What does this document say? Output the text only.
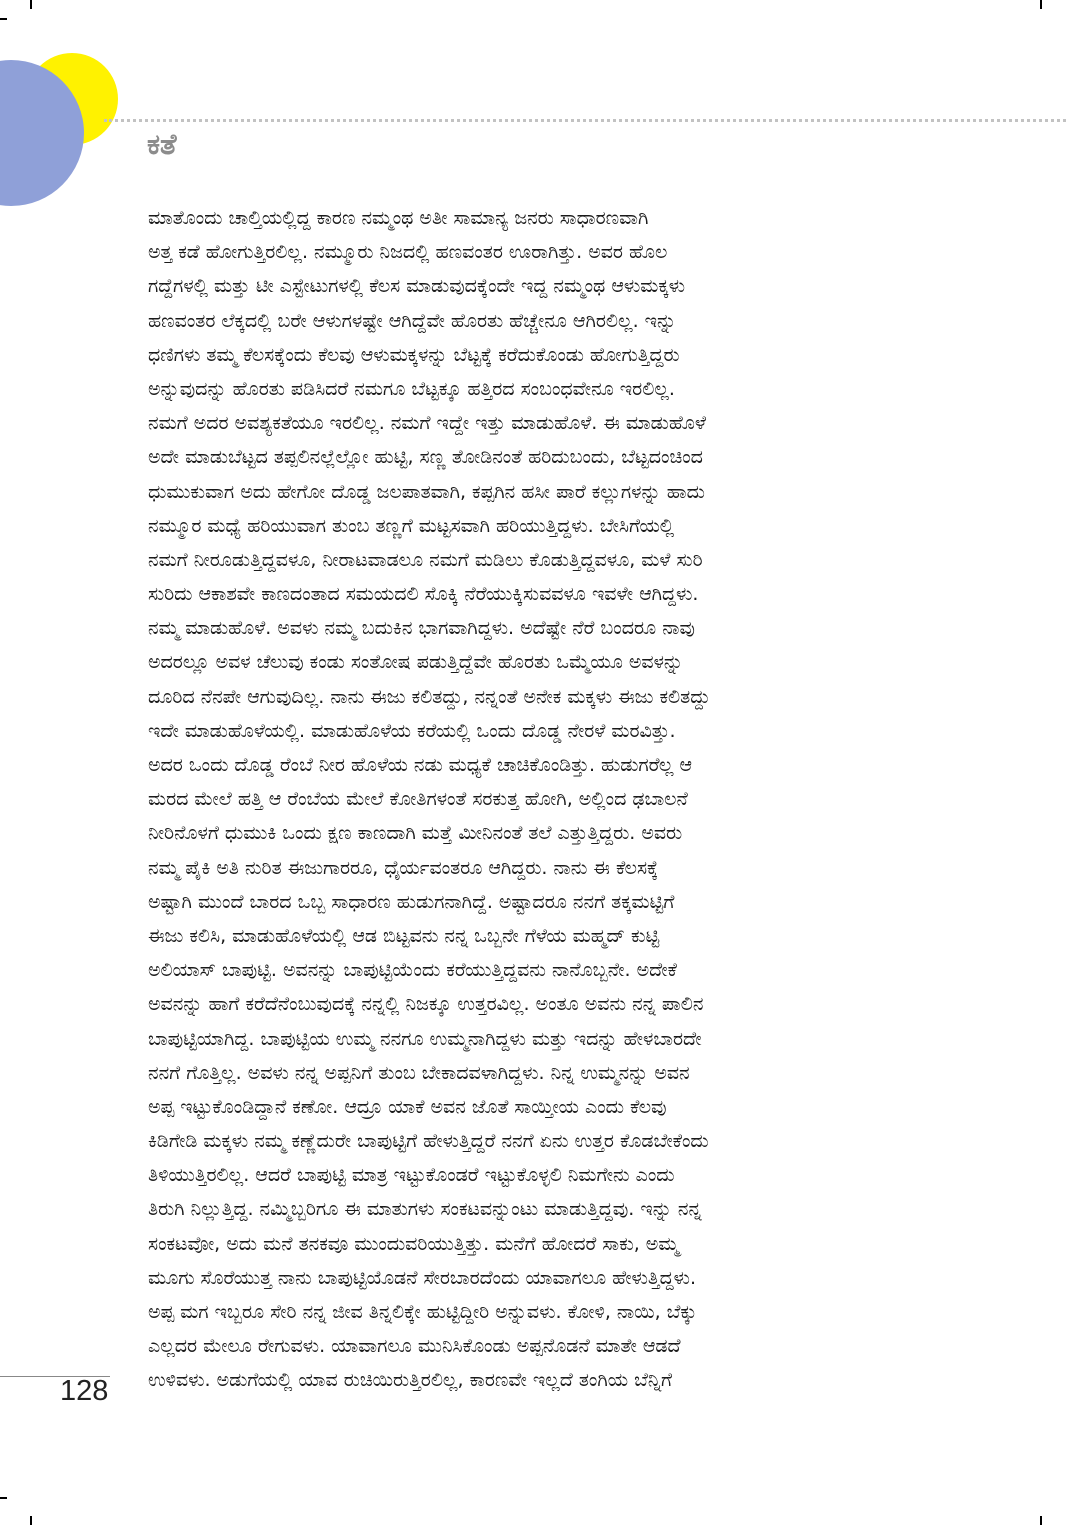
ಕತೆ
ಮಾತೊಂದು ಚಾಲ್ತಿಯಲ್ಲಿದ್ದ ಕಾರಣ ನಮ್ಮಂಥ ಅತೀ ಸಾಮಾನ್ಯ ಜನರು ಸಾಧಾರಣವಾಗಿ
ಅತ್ತ ಕಡೆ ಹೋಗುತ್ತಿರಲಿಲ್ಲ. ನಮ್ಮೂರು ನಿಜದಲ್ಲಿ ಹಣವಂತರ ಊರಾಗಿತ್ತು. ಅವರ ಹೊಲ
ಗದ್ದೆಗಳಲ್ಲಿ ಮತ್ತು ಟೀ ಎಸ್ಟೇಟುಗಳಲ್ಲಿ ಕೆಲಸ ಮಾಡುವುದಕ್ಕೆಂದೇ ಇದ್ದ ನಮ್ಮಂಥ ಆಳುಮಕ್ಕಳು
ಹಣವಂತರ ಲೆಕ್ಕದಲ್ಲಿ ಬರೇ ಆಳುಗಳಷ್ಟೇ ಆಗಿದ್ದೆವೇ ಹೊರತು ಹೆಚ್ಚೇನೂ ಆಗಿರಲಿಲ್ಲ. ಇನ್ನು
ಧಣಿಗಳು ತಮ್ಮ ಕೆಲಸಕ್ಕೆಂದು ಕೆಲವು ಆಳುಮಕ್ಕಳನ್ನು ಬೆಟ್ಟಕ್ಕೆ ಕರೆದುಕೊಂಡು ಹೋಗುತ್ತಿದ್ದರು
ಅನ್ನುವುದನ್ನು ಹೊರತು ಪಡಿಸಿದರೆ ನಮಗೂ ಬೆಟ್ಟಕ್ಕೂ ಹತ್ತಿರದ ಸಂಬಂಧವೇನೂ ಇರಲಿಲ್ಲ.
ನಮಗೆ ಅದರ ಅವಶ್ಯಕತೆಯೂ ಇರಲಿಲ್ಲ. ನಮಗೆ ಇದ್ದೇ ಇತ್ತು ಮಾಡುಹೊಳೆ. ಈ ಮಾಡುಹೊಳೆ
ಅದೇ ಮಾಡುಬೆಟ್ಟದ ತಪ್ಪಲಿನಲ್ಲೆಲ್ಲೋ ಹುಟ್ಟಿ, ಸಣ್ಣ ತೋಡಿನಂತೆ ಹರಿದುಬಂದು, ಬೆಟ್ಟದಂಚಿಂದ
ಧುಮುಕುವಾಗ ಅದು ಹೇಗೋ ದೊಡ್ಡ ಜಲಪಾತವಾಗಿ, ಕಪ್ಪಗಿನ ಹಸೀ ಪಾರೆ ಕಲ್ಲುಗಳನ್ನು ಹಾದು
ನಮ್ಮೂರ ಮಧ್ಯೆ ಹರಿಯುವಾಗ ತುಂಬ ತಣ್ಣಗೆ ಮಟ್ಟಸವಾಗಿ ಹರಿಯುತ್ತಿದ್ದಳು. ಬೇಸಿಗೆಯಲ್ಲಿ
ನಮಗೆ ನೀರೂಡುತ್ತಿದ್ದವಳೂ, ನೀರಾಟವಾಡಲೂ ನಮಗೆ ಮಡಿಲು ಕೊಡುತ್ತಿದ್ದವಳೂ, ಮಳೆ ಸುರಿ
ಸುರಿದು ಆಕಾಶವೇ ಕಾಣದಂತಾದ ಸಮಯದಲಿ ಸೊಕ್ಕಿ ನೆರೆಯುಕ್ಕಿಸುವವಳೂ ಇವಳೇ ಆಗಿದ್ದಳು.
ನಮ್ಮ ಮಾಡುಹೊಳೆ. ಅವಳು ನಮ್ಮ ಬದುಕಿನ ಭಾಗವಾಗಿದ್ದಳು. ಅದೆಷ್ಟೇ ನೆರೆ ಬಂದರೂ ನಾವು
ಅದರಲ್ಲೂ ಅವಳ ಚೆಲುವು ಕಂಡು ಸಂತೋಷ ಪಡುತ್ತಿದ್ದೆವೇ ಹೊರತು ಒಮ್ಮೆಯೂ ಅವಳನ್ನು
ದೂರಿದ ನೆನಪೇ ಆಗುವುದಿಲ್ಲ. ನಾನು ಈಜು ಕಲಿತದ್ದು, ನನ್ನಂತೆ ಅನೇಕ ಮಕ್ಕಳು ಈಜು ಕಲಿತದ್ದು
ಇದೇ ಮಾಡುಹೊಳೆಯಲ್ಲಿ. ಮಾಡುಹೊಳೆಯ ಕರೆಯಲ್ಲಿ ಒಂದು ದೊಡ್ಡ ನೇರಳೆ ಮರವಿತ್ತು.
ಅದರ ಒಂದು ದೊಡ್ಡ ರೆಂಬೆ ನೀರ ಹೊಳೆಯ ನಡು ಮಧ್ಯಕೆ ಚಾಚಿಕೊಂಡಿತ್ತು. ಹುಡುಗರೆಲ್ಲ ಆ
ಮರದ ಮೇಲೆ ಹತ್ತಿ ಆ ರೆಂಬೆಯ ಮೇಲೆ ಕೋತಿಗಳಂತೆ ಸರಕುತ್ತ ಹೋಗಿ, ಅಲ್ಲಿಂದ ಢಬಾಲನೆ
ನೀರಿನೊಳಗೆ ಧುಮುಕಿ ಒಂದು ಕ್ಷಣ ಕಾಣದಾಗಿ ಮತ್ತೆ ಮೀನಿನಂತೆ ತಲೆ ಎತ್ತುತ್ತಿದ್ದರು. ಅವರು
ನಮ್ಮ ಪೈಕಿ ಅತಿ ನುರಿತ ಈಜುಗಾರರೂ, ಧೈರ್ಯವಂತರೂ ಆಗಿದ್ದರು. ನಾನು ಈ ಕೆಲಸಕ್ಕೆ
ಅಷ್ಟಾಗಿ ಮುಂದೆ ಬಾರದ ಒಬ್ಬ ಸಾಧಾರಣ ಹುಡುಗನಾಗಿದ್ದೆ. ಅಷ್ಟಾದರೂ ನನಗೆ ತಕ್ಕಮಟ್ಟಿಗೆ
ಈಜು ಕಲಿಸಿ, ಮಾಡುಹೊಳೆಯಲ್ಲಿ ಆಡ ಬಿಟ್ಟವನು ನನ್ನ ಒಬ್ಬನೇ ಗೆಳೆಯ ಮಹ್ಮದ್ ಕುಟ್ಟಿ
ಅಲಿಯಾಸ್ ಬಾಪುಟ್ಟಿ. ಅವನನ್ನು ಬಾಪುಟ್ಟಿಯೆಂದು ಕರೆಯುತ್ತಿದ್ದವನು ನಾನೊಬ್ಬನೇ. ಅದೇಕೆ
ಅವನನ್ನು ಹಾಗೆ ಕರೆದೆನೆಂಬುವುದಕ್ಕೆ ನನ್ನಲ್ಲಿ ನಿಜಕ್ಕೂ ಉತ್ತರವಿಲ್ಲ. ಅಂತೂ ಅವನು ನನ್ನ ಪಾಲಿನ
ಬಾಪುಟ್ಟಿಯಾಗಿದ್ದ. ಬಾಪುಟ್ಟಿಯ ಉಮ್ಮ ನನಗೂ ಉಮ್ಮನಾಗಿದ್ದಳು ಮತ್ತು ಇದನ್ನು ಹೇಳಬಾರದೇ
ನನಗೆ ಗೊತ್ತಿಲ್ಲ. ಅವಳು ನನ್ನ ಅಪ್ಪನಿಗೆ ತುಂಬ ಬೇಕಾದವಳಾಗಿದ್ದಳು. ನಿನ್ನ ಉಮ್ಮನನ್ನು ಅವನ
ಅಪ್ಪ ಇಟ್ಟುಕೊಂಡಿದ್ದಾನೆ ಕಣೋ. ಆದ್ರೂ ಯಾಕೆ ಅವನ ಜೊತೆ ಸಾಯ್ತೀಯ ಎಂದು ಕೆಲವು
ಕಿಡಿಗೇಡಿ ಮಕ್ಕಳು ನಮ್ಮ ಕಣ್ಣೆದುರೇ ಬಾಪುಟ್ಟಿಗೆ ಹೇಳುತ್ತಿದ್ದರೆ ನನಗೆ ಏನು ಉತ್ತರ ಕೊಡಬೇಕೆಂದು
ತಿಳಿಯುತ್ತಿರಲಿಲ್ಲ. ಆದರೆ ಬಾಪುಟ್ಟಿ ಮಾತ್ರ ಇಟ್ಟುಕೊಂಡರೆ ಇಟ್ಟುಕೊಳ್ಳಲಿ ನಿಮಗೇನು ಎಂದು
ತಿರುಗಿ ನಿಲ್ಲುತ್ತಿದ್ದ. ನಮ್ಮಿಬ್ಬರಿಗೂ ಈ ಮಾತುಗಳು ಸಂಕಟವನ್ನುಂಟು ಮಾಡುತ್ತಿದ್ದವು. ಇನ್ನು ನನ್ನ
ಸಂಕಟವೋ, ಅದು ಮನೆ ತನಕವೂ ಮುಂದುವರಿಯುತ್ತಿತ್ತು. ಮನೆಗೆ ಹೋದರೆ ಸಾಕು, ಅಮ್ಮ
ಮೂಗು ಸೊರೆಯುತ್ತ ನಾನು ಬಾಪುಟ್ಟಿಯೊಡನೆ ಸೇರಬಾರದೆಂದು ಯಾವಾಗಲೂ ಹೇಳುತ್ತಿದ್ದಳು.
ಅಪ್ಪ ಮಗ ಇಬ್ಬರೂ ಸೇರಿ ನನ್ನ ಜೀವ ತಿನ್ನಲಿಕ್ಕೇ ಹುಟ್ಟಿದ್ದೀರಿ ಅನ್ನುವಳು. ಕೋಳಿ, ನಾಯಿ, ಬೆಕ್ಕು
ಎಲ್ಲದರ ಮೇಲೂ ರೇಗುವಳು. ಯಾವಾಗಲೂ ಮುನಿಸಿಕೊಂಡು ಅಪ್ಪನೊಡನೆ ಮಾತೇ ಆಡದೆ
ಉಳಿವಳು. ಅಡುಗೆಯಲ್ಲಿ ಯಾವ ರುಚಿಯಿರುತ್ತಿರಲಿಲ್ಲ, ಕಾರಣವೇ ಇಲ್ಲದೆ ತಂಗಿಯ ಬೆನ್ನಿಗೆ

128
